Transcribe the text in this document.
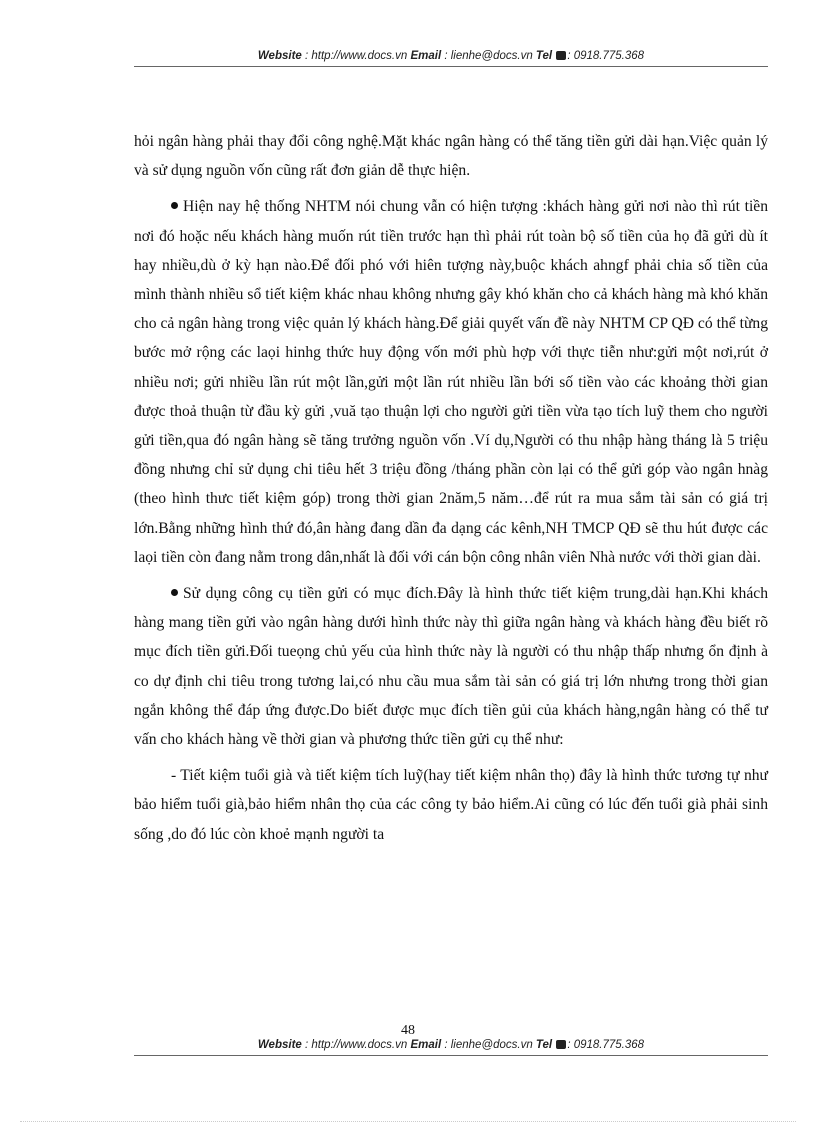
Website : http://www.docs.vn Email : lienhe@docs.vn Tel : 0918.775.368

hỏi ngân hàng phải thay đổi công nghệ.Mặt khác ngân hàng có thể tăng tiền gửi dài hạn.Việc quản lý và sử dụng nguồn vốn cũng rất đơn giản dễ thực hiện.

Hiện nay hệ thống NHTM nói chung vẫn có hiện tượng :khách hàng gửi nơi nào thì rút tiền nơi đó hoặc nếu khách hàng muốn rút tiền trước hạn thì phải rút toàn bộ số tiền của họ đã gửi dù ít hay nhiều,dù ở kỳ hạn nào.Để đối phó với hiên tượng này,buộc khách ahngf phải chia số tiền của mình thành nhiều sổ tiết kiệm khác nhau không nhưng gây khó khăn cho cả khách hàng mà khó khăn cho cả ngân hàng trong việc quản lý khách hàng.Để giải quyết vấn đề này NHTM CP QĐ có thể từng bước mở rộng các laọi hinhg thức huy động vốn mới phù hợp với thực tiễn như:gửi một nơi,rút ở nhiều nơi; gửi nhiều lần rút một lần,gửi một lần rút nhiều lần bới số tiền vào các khoảng thời gian được thoả thuận từ đầu kỳ gửi ,vuă tạo thuận lợi cho người gửi tiền vừa tạo tích luỹ them cho người gửi tiền,qua đó ngân hàng sẽ tăng trưởng nguồn vốn .Ví dụ,Người có thu nhập hàng tháng là 5 triệu đồng nhưng chỉ sử dụng chi tiêu hết 3 triệu đồng /tháng phần còn lại có thể gửi góp vào ngân hnàg (theo hình thưc tiết kiệm góp) trong thời gian 2năm,5 năm…để rút ra mua sắm tài sản có giá trị lớn.Bằng những hình thứ đó,ân hàng đang dần đa dạng các kênh,NH TMCP QĐ sẽ thu hút được các laọi tiền còn đang nằm trong dân,nhất là đối với cán bộn công nhân viên Nhà nước với thời gian dài.

Sử dụng công cụ tiền gửi có mục đích.Đây là hình thức tiết kiệm trung,dài hạn.Khi khách hàng mang tiền gửi vào ngân hàng dưới hình thức này thì giữa ngân hàng và khách hàng đều biết rõ mục đích tiền gửi.Đối tueọng chủ yếu của hình thức này là người có thu nhập thấp nhưng ổn định à co dự định chi tiêu trong tương lai,có nhu cầu mua sắm tài sản có giá trị lớn nhưng trong thời gian ngắn không thể đáp ứng được.Do biết được mục đích tiền gủi của khách hàng,ngân hàng có thể tư vấn cho khách hàng về thời gian và phương thức tiền gửi cụ thể như:

- Tiết kiệm tuổi già và tiết kiệm tích luỹ(hay tiết kiệm nhân thọ) đây là hình thức tương tự như bảo hiểm tuổi già,bảo hiểm nhân thọ của các công ty bảo hiểm.Ai cũng có lúc đến tuổi già phải sinh sống ,do đó lúc còn khoẻ mạnh người ta

48
Website : http://www.docs.vn Email : lienhe@docs.vn Tel : 0918.775.368
